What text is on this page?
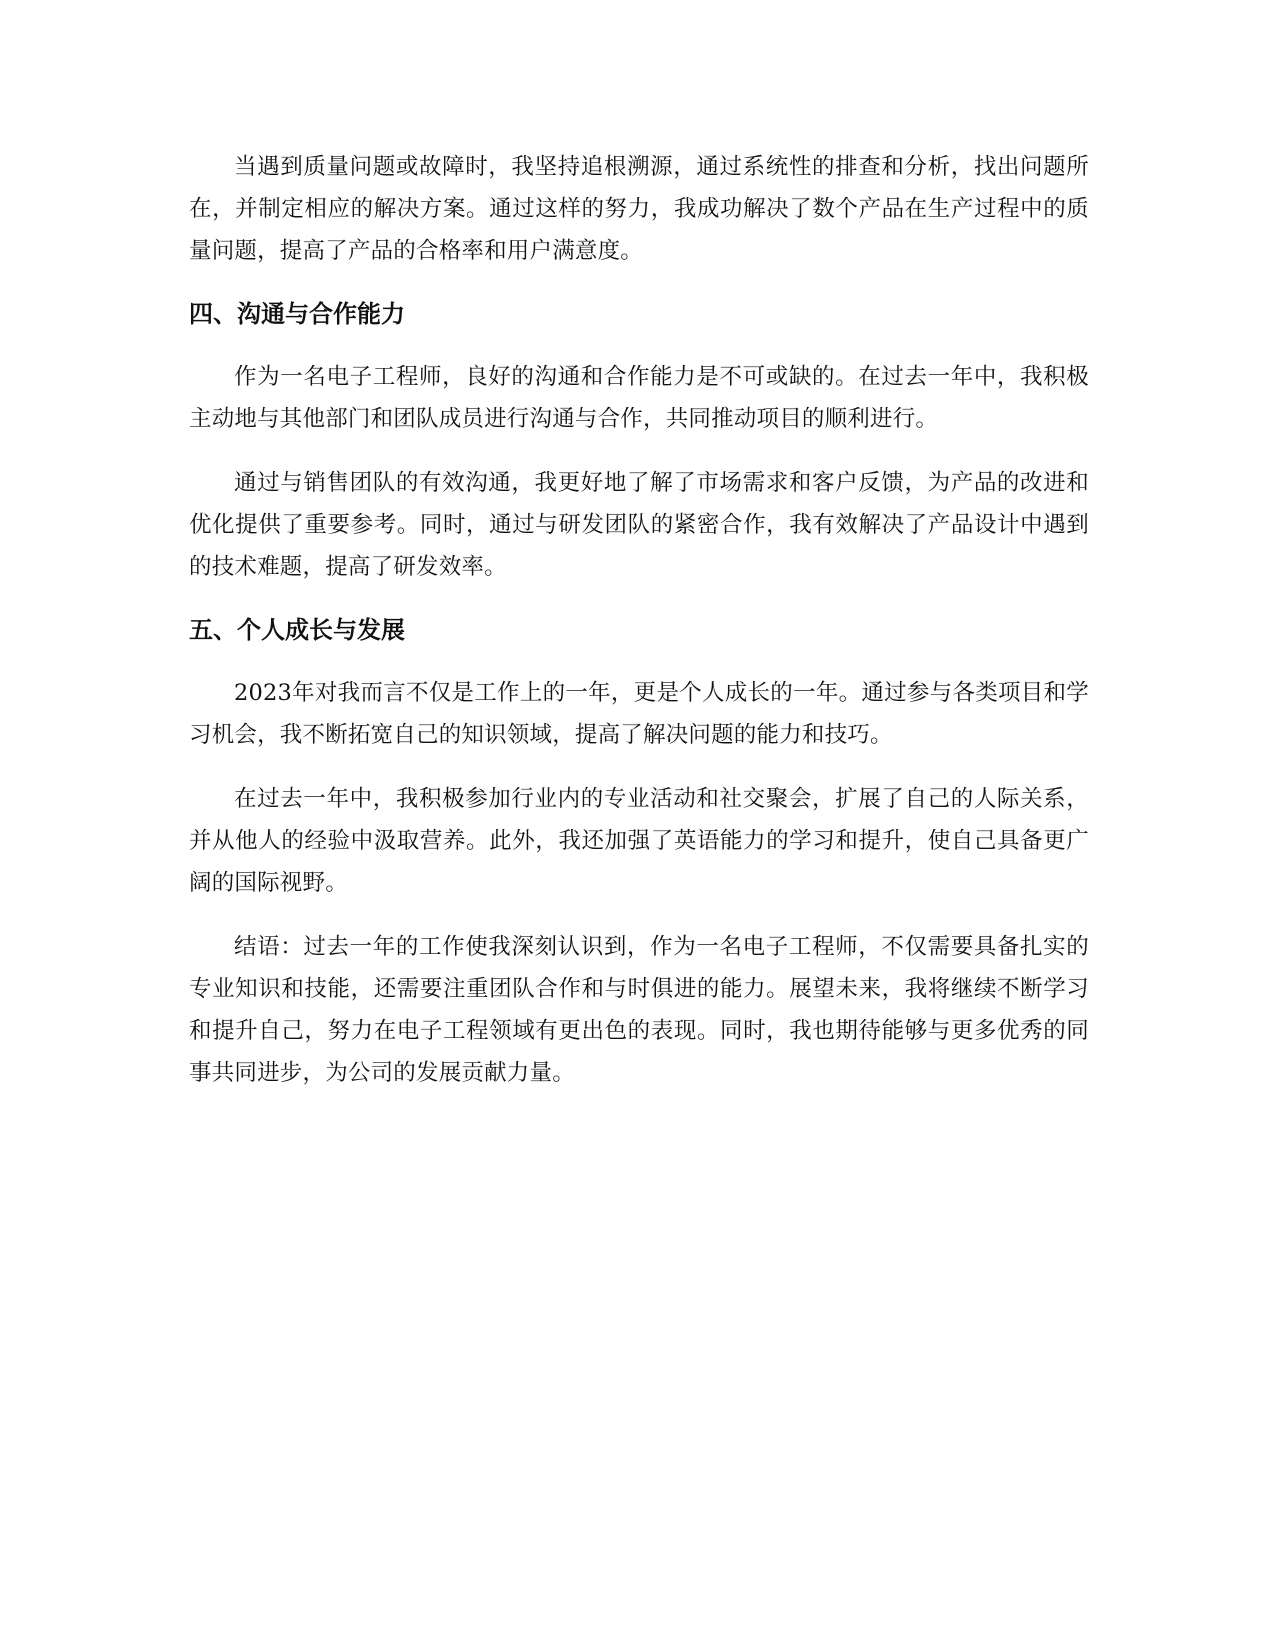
当遇到质量问题或故障时，我坚持追根溯源，通过系统性的排查和分析，找出问题所在，并制定相应的解决方案。通过这样的努力，我成功解决了数个产品在生产过程中的质量问题，提高了产品的合格率和用户满意度。

四、沟通与合作能力

作为一名电子工程师，良好的沟通和合作能力是不可或缺的。在过去一年中，我积极主动地与其他部门和团队成员进行沟通与合作，共同推动项目的顺利进行。

通过与销售团队的有效沟通，我更好地了解了市场需求和客户反馈，为产品的改进和优化提供了重要参考。同时，通过与研发团队的紧密合作，我有效解决了产品设计中遇到的技术难题，提高了研发效率。

五、个人成长与发展

2023年对我而言不仅是工作上的一年，更是个人成长的一年。通过参与各类项目和学习机会，我不断拓宽自己的知识领域，提高了解决问题的能力和技巧。

在过去一年中，我积极参加行业内的专业活动和社交聚会，扩展了自己的人际关系，并从他人的经验中汲取营养。此外，我还加强了英语能力的学习和提升，使自己具备更广阔的国际视野。

结语：过去一年的工作使我深刻认识到，作为一名电子工程师，不仅需要具备扎实的专业知识和技能，还需要注重团队合作和与时俱进的能力。展望未来，我将继续不断学习和提升自己，努力在电子工程领域有更出色的表现。同时，我也期待能够与更多优秀的同事共同进步，为公司的发展贡献力量。
